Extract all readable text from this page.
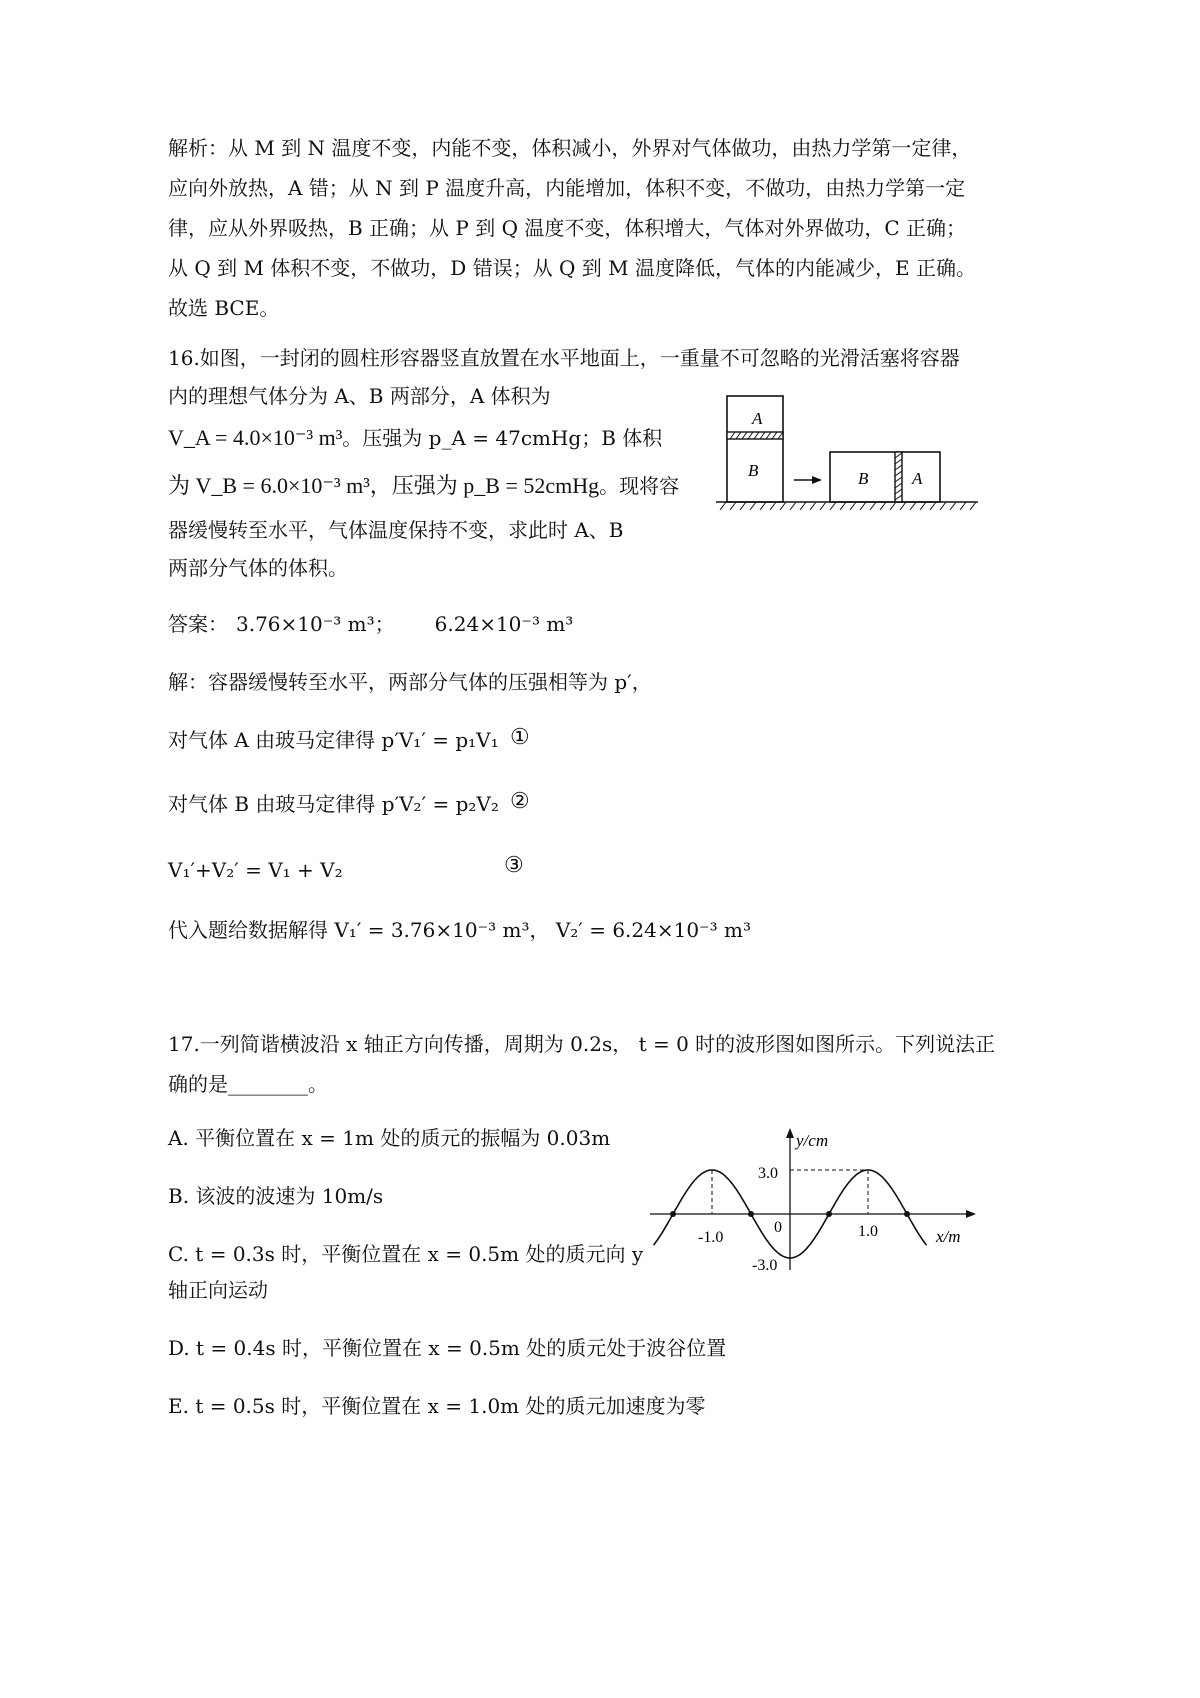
解析：从 M 到 N 温度不变，内能不变，体积减小，外界对气体做功，由热力学第一定律，
应向外放热，A 错；从 N 到 P 温度升高，内能增加，体积不变，不做功，由热力学第一定
律，应从外界吸热，B 正确；从 P 到 Q 温度不变，体积增大，气体对外界做功，C 正确；
从 Q 到 M 体积不变，不做功，D 错误；从 Q 到 M 温度降低，气体的内能减少，E 正确。
故选 BCE。
16.如图，一封闭的圆柱形容器竖直放置在水平地面上，一重量不可忽略的光滑活塞将容器
内的理想气体分为 A、B 两部分，A 体积为
V_A = 4.0×10⁻³ m³。压强为 p_A = 47cmHg；B 体积
为 V_B = 6.0×10⁻³ m³，压强为 p_B = 52cmHg。现将容
器缓慢转至水平，气体温度保持不变，求此时 A、B
两部分气体的体积。
A
B	B	A
答案： 3.76×10⁻³ m³； 6.24×10⁻³ m³
解：容器缓慢转至水平，两部分气体的压强相等为 p′，
对气体 A 由玻马定律得 p′V₁′ = p₁V₁ ①
对气体 B 由玻马定律得 p′V₂′ = p₂V₂ ②
V₁′+V₂′ = V₁ + V₂	③
代入题给数据解得 V₁′ = 3.76×10⁻³ m³， V₂′ = 6.24×10⁻³ m³
17.一列简谐横波沿 x 轴正方向传播，周期为 0.2s， t = 0 时的波形图如图所示。下列说法正
确的是________。
A. 平衡位置在 x = 1m 处的质元的振幅为 0.03m
B. 该波的波速为 10m/s
C. t = 0.3s 时，平衡位置在 x = 0.5m 处的质元向 y
轴正向运动
D. t = 0.4s 时，平衡位置在 x = 0.5m 处的质元处于波谷位置
E. t = 0.5s 时，平衡位置在 x = 1.0m 处的质元加速度为零
y/cm
x/m
3.0
-3.0
-1.0	1.0
0
